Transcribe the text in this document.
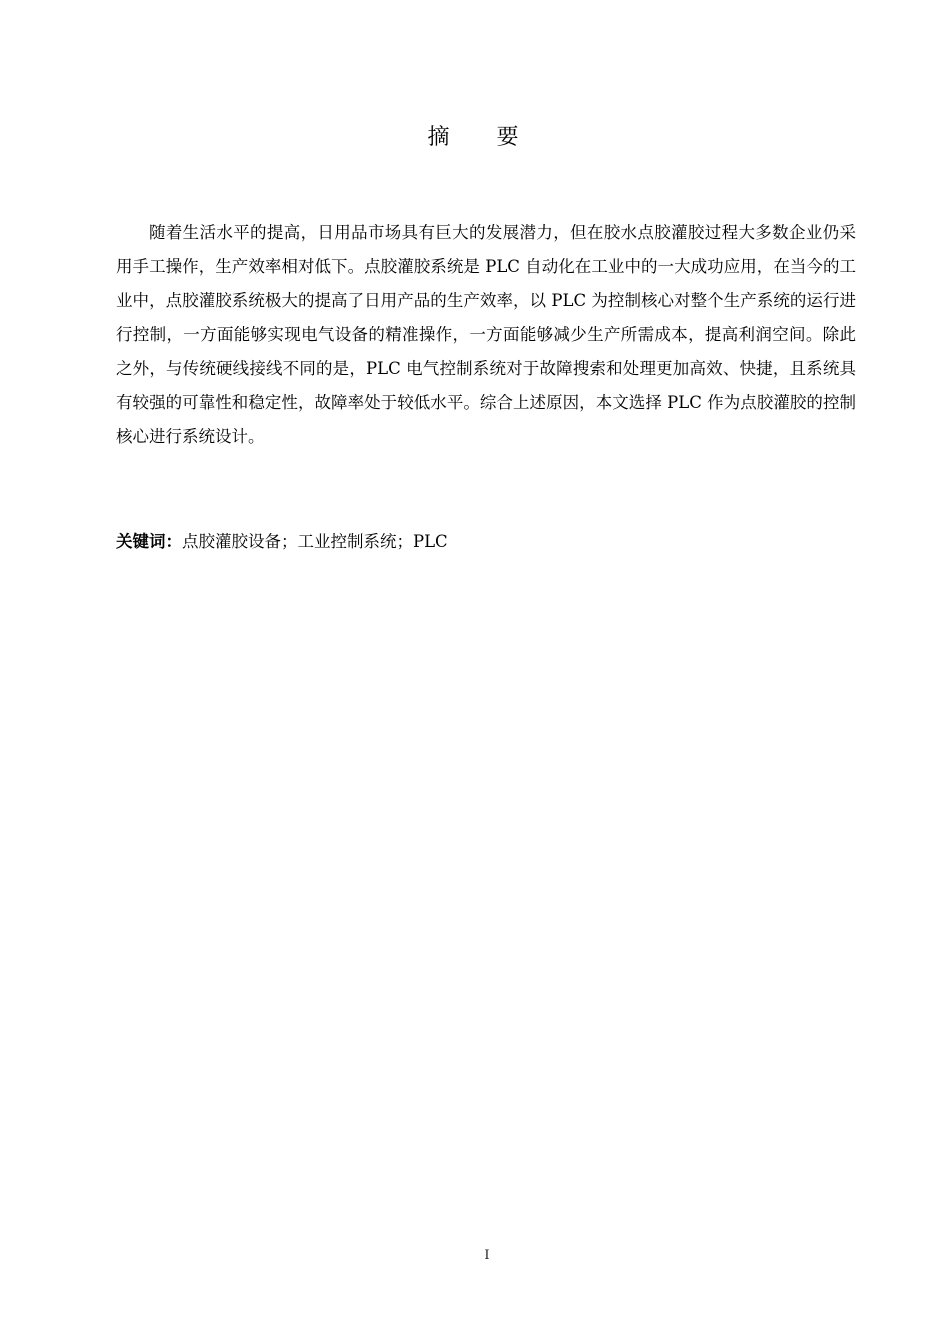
摘 要

随着生活水平的提高，日用品市场具有巨大的发展潜力，但在胶水点胶灌胶过程大多数企业仍采用手工操作，生产效率相对低下。点胶灌胶系统是 PLC 自动化在工业中的一大成功应用，在当今的工业中，点胶灌胶系统极大的提高了日用产品的生产效率，以 PLC 为控制核心对整个生产系统的运行进行控制，一方面能够实现电气设备的精准操作，一方面能够减少生产所需成本，提高利润空间。除此之外，与传统硬线接线不同的是，PLC 电气控制系统对于故障搜索和处理更加高效、快捷，且系统具有较强的可靠性和稳定性，故障率处于较低水平。综合上述原因，本文选择 PLC 作为点胶灌胶的控制核心进行系统设计。

关键词：点胶灌胶设备；工业控制系统；PLC
I
